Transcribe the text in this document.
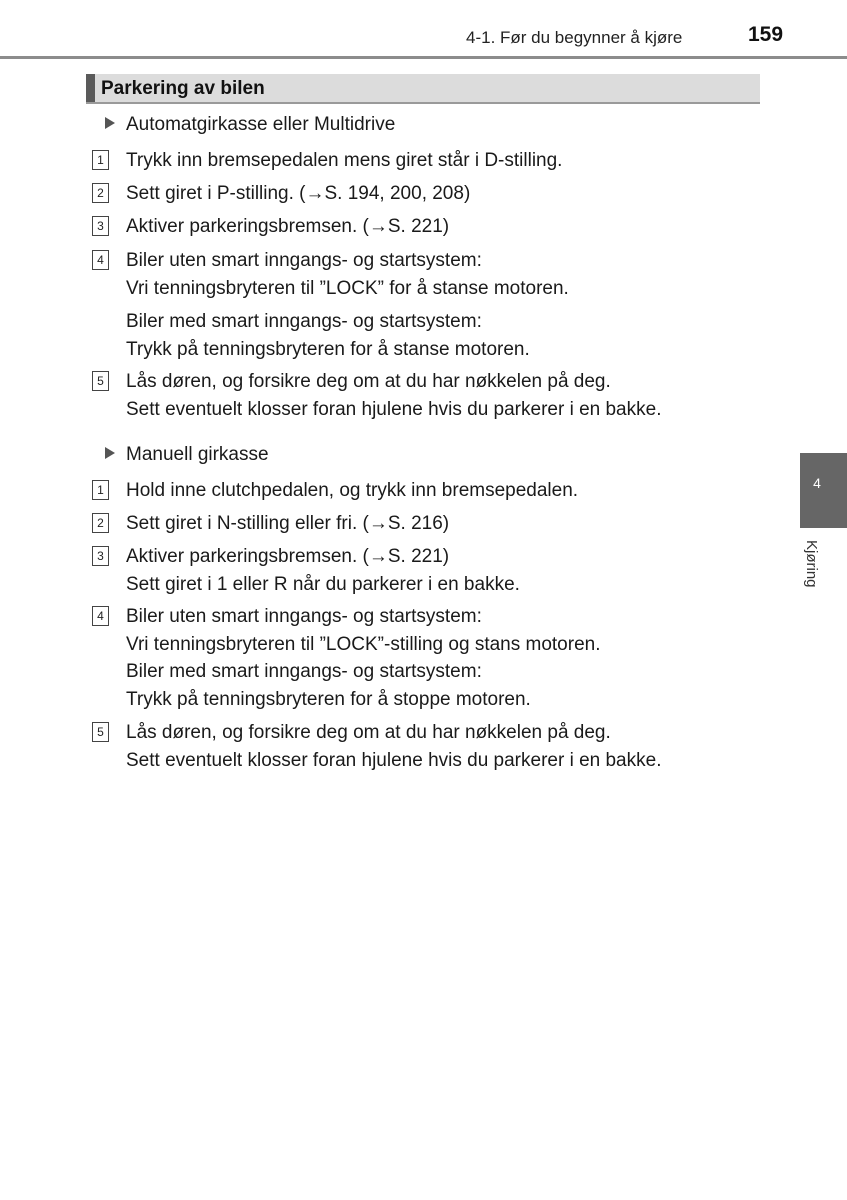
4-1. Før du begynner å kjøre	159
Parkering av bilen
Automatgirkasse eller Multidrive
1 Trykk inn bremsepedalen mens giret står i D-stilling.
2 Sett giret i P-stilling. (→S. 194, 200, 208)
3 Aktiver parkeringsbremsen. (→S. 221)
4 Biler uten smart inngangs- og startsystem:
Vri tenningsbryteren til ”LOCK” for å stanse motoren.
Biler med smart inngangs- og startsystem:
Trykk på tenningsbryteren for å stanse motoren.
5 Lås døren, og forsikre deg om at du har nøkkelen på deg.
Sett eventuelt klosser foran hjulene hvis du parkerer i en bakke.
Manuell girkasse
1 Hold inne clutchpedalen, og trykk inn bremsepedalen.
2 Sett giret i N-stilling eller fri. (→S. 216)
3 Aktiver parkeringsbremsen. (→S. 221)
Sett giret i 1 eller R når du parkerer i en bakke.
4 Biler uten smart inngangs- og startsystem:
Vri tenningsbryteren til ”LOCK”-stilling og stans motoren.
Biler med smart inngangs- og startsystem:
Trykk på tenningsbryteren for å stoppe motoren.
5 Lås døren, og forsikre deg om at du har nøkkelen på deg.
Sett eventuelt klosser foran hjulene hvis du parkerer i en bakke.
4
Kjøring
